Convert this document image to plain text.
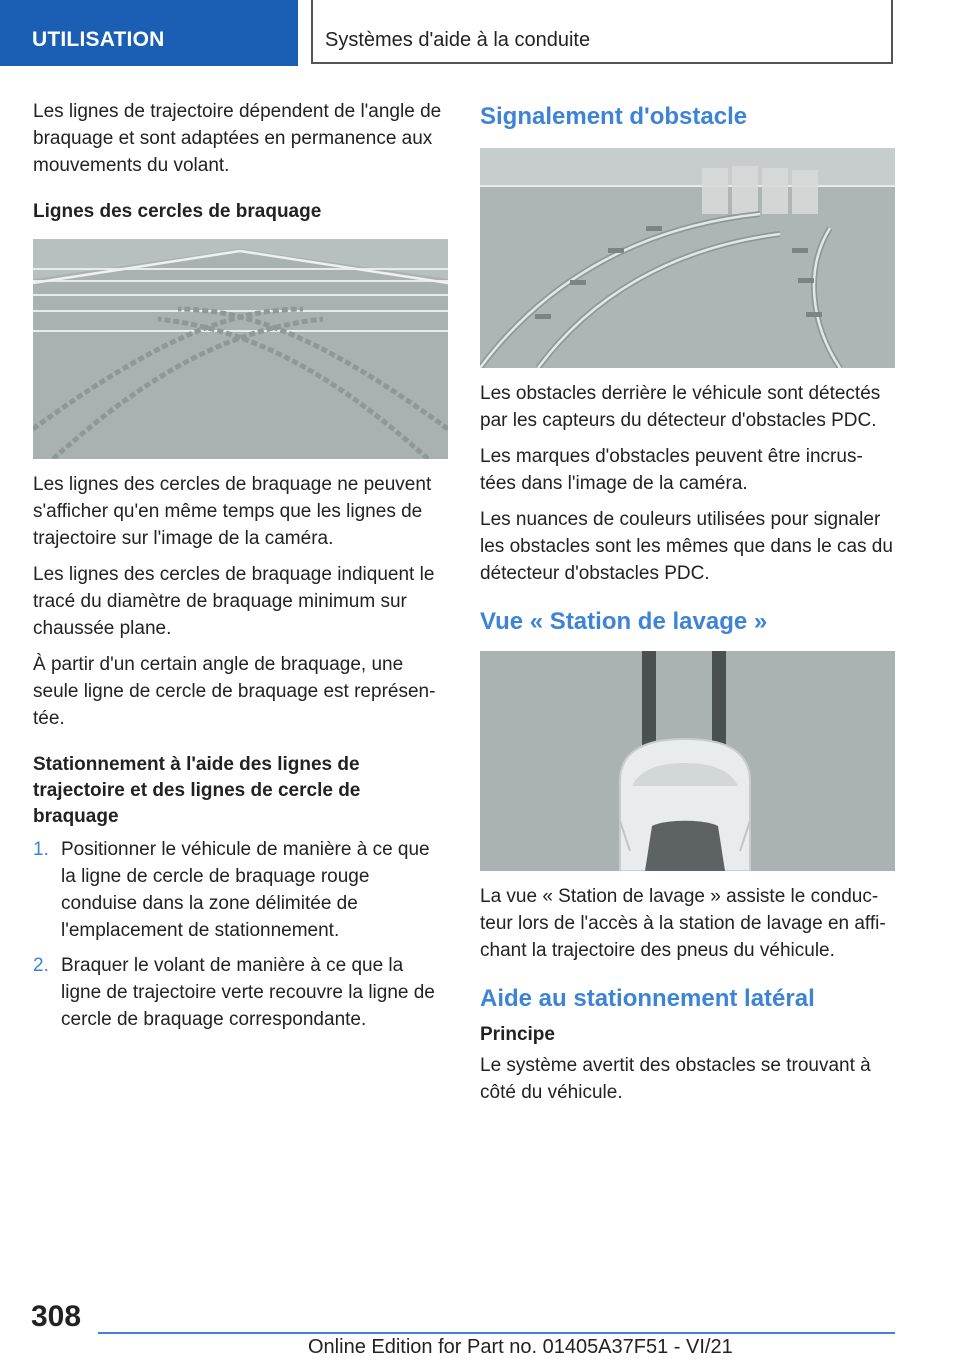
UTILISATION	Systèmes d'aide à la conduite

Les lignes de trajectoire dépendent de l'angle de braquage et sont adaptées en permanence aux mouvements du volant.

Lignes des cercles de braquage

Les lignes des cercles de braquage ne peuvent s'afficher qu'en même temps que les lignes de trajectoire sur l'image de la caméra.

Les lignes des cercles de braquage indiquent le tracé du diamètre de braquage minimum sur chaussée plane.

À partir d'un certain angle de braquage, une seule ligne de cercle de braquage est représen‐ tée.

Stationnement à l'aide des lignes de trajectoire et des lignes de cercle de braquage
1. Positionner le véhicule de manière à ce que la ligne de cercle de braquage rouge conduise dans la zone délimitée de l'emplacement de stationnement.
2. Braquer le volant de manière à ce que la ligne de trajectoire verte recouvre la ligne de cercle de braquage correspondante.
Signalement d'obstacle

Les obstacles derrière le véhicule sont détectés par les capteurs du détecteur d'obstacles PDC.

Les marques d'obstacles peuvent être incrus‐ tées dans l'image de la caméra.

Les nuances de couleurs utilisées pour signaler les obstacles sont les mêmes que dans le cas du détecteur d'obstacles PDC.

Vue « Station de lavage »

La vue « Station de lavage » assiste le conduc‐ teur lors de l'accès à la station de lavage en affi‐ chant la trajectoire des pneus du véhicule.

Aide au stationnement latéral
Principe

Le système avertit des obstacles se trouvant à côté du véhicule.

308
Online Edition for Part no. 01405A37F51 - VI/21
